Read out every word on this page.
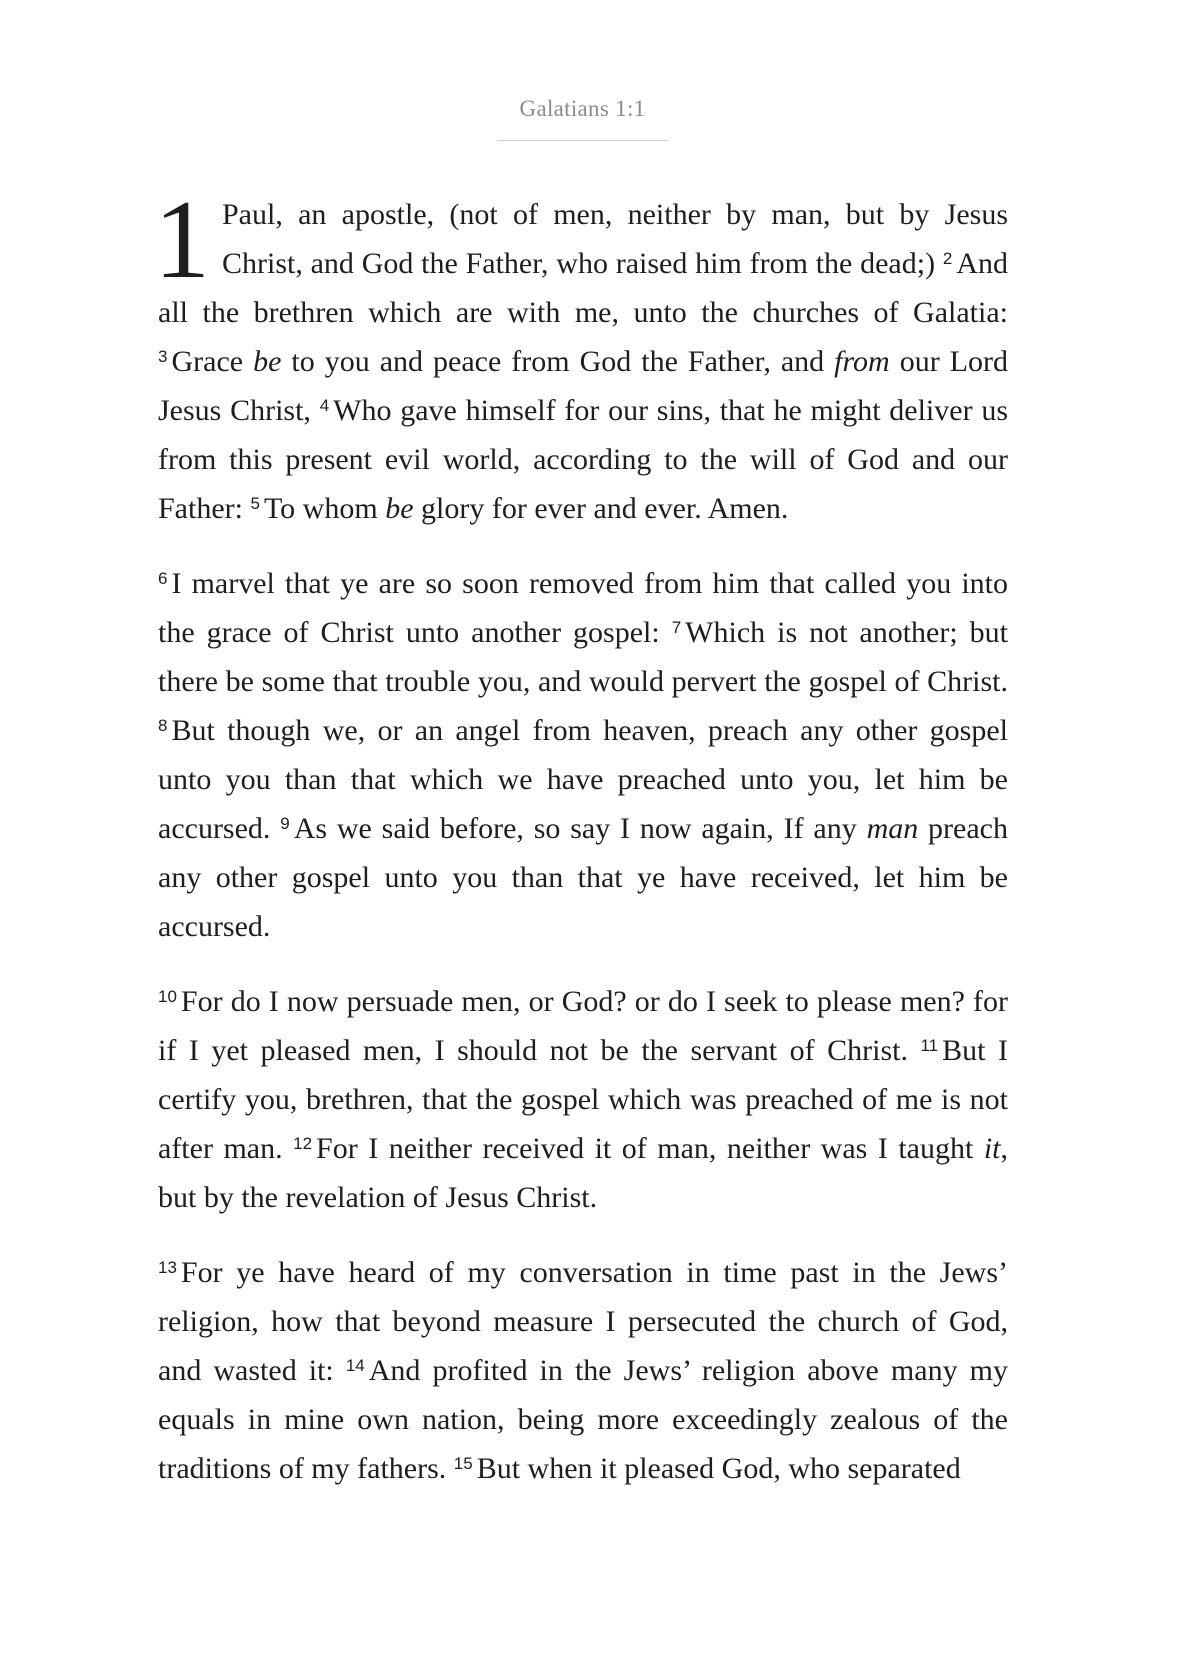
Galatians 1:1

1 Paul, an apostle, (not of men, neither by man, but by Jesus Christ, and God the Father, who raised him from the dead;) $^2$ And all the brethren which are with me, unto the churches of Galatia: $^3$ Grace be to you and peace from God the Father, and from our Lord Jesus Christ, $^4$ Who gave himself for our sins, that he might deliver us from this present evil world, according to the will of God and our Father: $^5$ To whom be glory for ever and ever. Amen.

$^6$ I marvel that ye are so soon removed from him that called you into the grace of Christ unto another gospel: $^7$ Which is not another; but there be some that trouble you, and would pervert the gospel of Christ. $^8$ But though we, or an angel from heaven, preach any other gospel unto you than that which we have preached unto you, let him be accursed. $^9$ As we said before, so say I now again, If any man preach any other gospel unto you than that ye have received, let him be accursed.

$^{10}$ For do I now persuade men, or God? or do I seek to please men? for if I yet pleased men, I should not be the servant of Christ. $^{11}$ But I certify you, brethren, that the gospel which was preached of me is not after man. $^{12}$ For I neither received it of man, neither was I taught it, but by the revelation of Jesus Christ.

$^{13}$ For ye have heard of my conversation in time past in the Jews’ religion, how that beyond measure I persecuted the church of God, and wasted it: $^{14}$ And profited in the Jews’ religion above many my equals in mine own nation, being more exceedingly zealous of the traditions of my fathers. $^{15}$ But when it pleased God, who separated
